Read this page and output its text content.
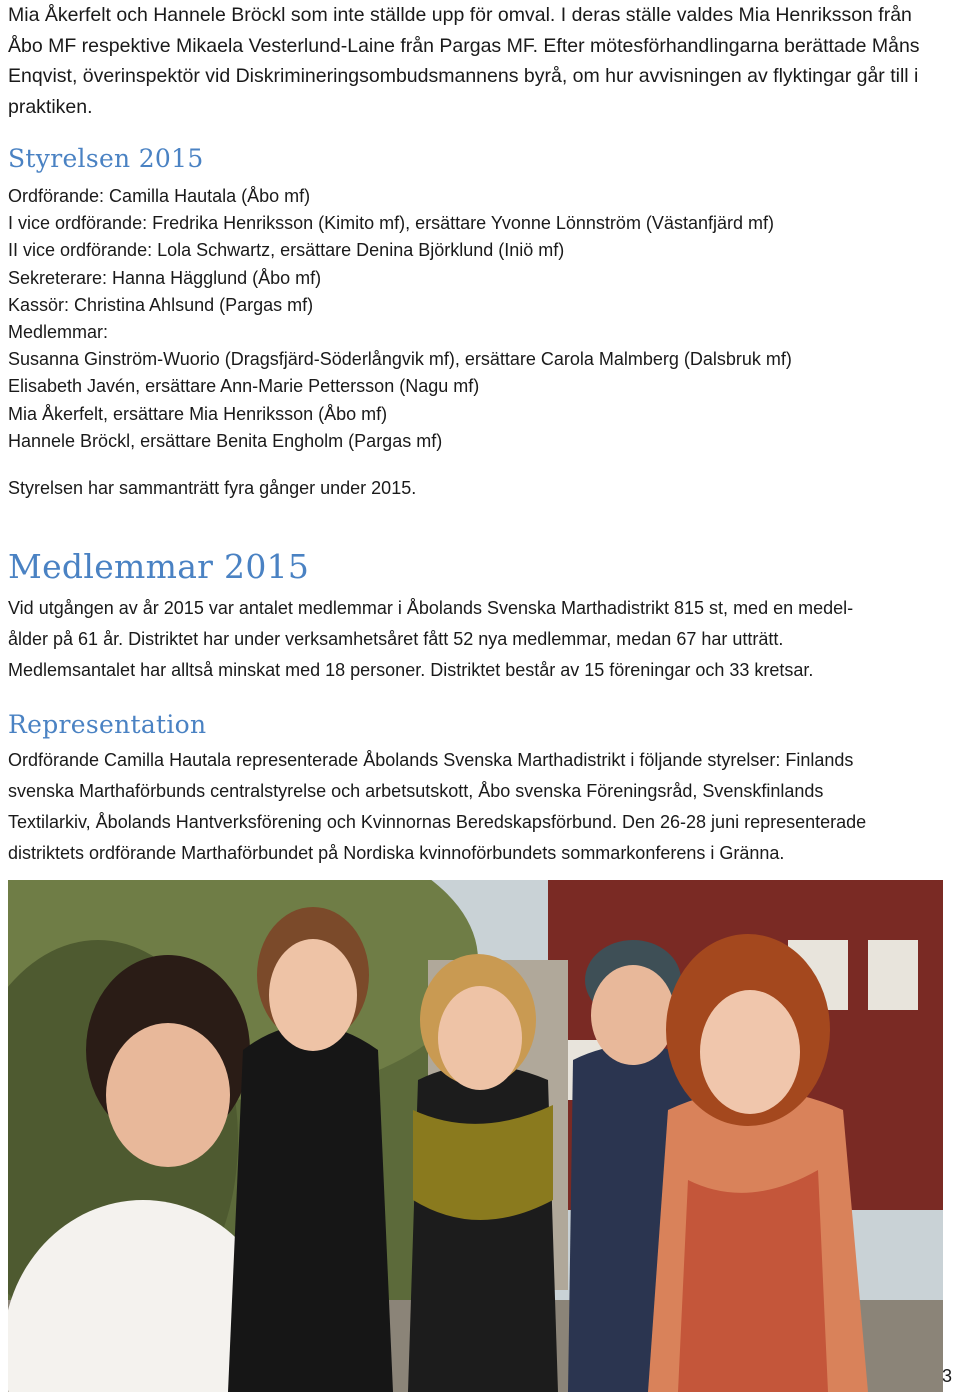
Mia Åkerfelt och Hannele Bröckl som inte ställde upp för omval. I deras ställe valdes Mia Henriksson från

Åbo MF respektive Mikaela Vesterlund-Laine från Pargas MF. Efter mötesförhandlingarna berättade Måns

Enqvist, överinspektör vid Diskrimineringsombudsmannens byrå, om hur avvisningen av flyktingar går till i

praktiken.

Styrelsen 2015
Ordförande: Camilla Hautala (Åbo mf)
I vice ordförande: Fredrika Henriksson (Kimito mf), ersättare Yvonne Lönnström (Västanfjärd mf)
II vice ordförande: Lola Schwartz, ersättare Denina Björklund (Iniö mf)
Sekreterare: Hanna Hägglund (Åbo mf)
Kassör: Christina Ahlsund (Pargas mf)
Medlemmar:
Susanna Ginström-Wuorio (Dragsfjärd-Söderlångvik mf), ersättare Carola Malmberg (Dalsbruk mf)
Elisabeth Javén, ersättare Ann-Marie Pettersson (Nagu mf)
Mia Åkerfelt, ersättare Mia Henriksson (Åbo mf)
Hannele Bröckl, ersättare Benita Engholm (Pargas mf)
Styrelsen har sammanträtt fyra gånger under 2015.
Medlemmar 2015
Vid utgången av år 2015 var antalet medlemmar i Åbolands Svenska Marthadistrikt 815 st, med en medel-
ålder på 61 år. Distriktet har under verksamhetsåret fått 52 nya medlemmar, medan 67 har utträtt.
Medlemsantalet har alltså minskat med 18 personer. Distriktet består av 15 föreningar och 33 kretsar.
Representation
Ordförande Camilla Hautala representerade Åbolands Svenska Marthadistrikt i följande styrelser: Finlands
svenska Marthaförbunds centralstyrelse och arbetsutskott, Åbo svenska Föreningsråd, Svenskfinlands
Textilarkiv, Åbolands Hantverksförening och Kvinnornas Beredskapsförbund. Den 26-28 juni representerade
distriktets ordförande Marthaförbundet på Nordiska kvinnoförbundets sommarkonferens i Gränna.
3
